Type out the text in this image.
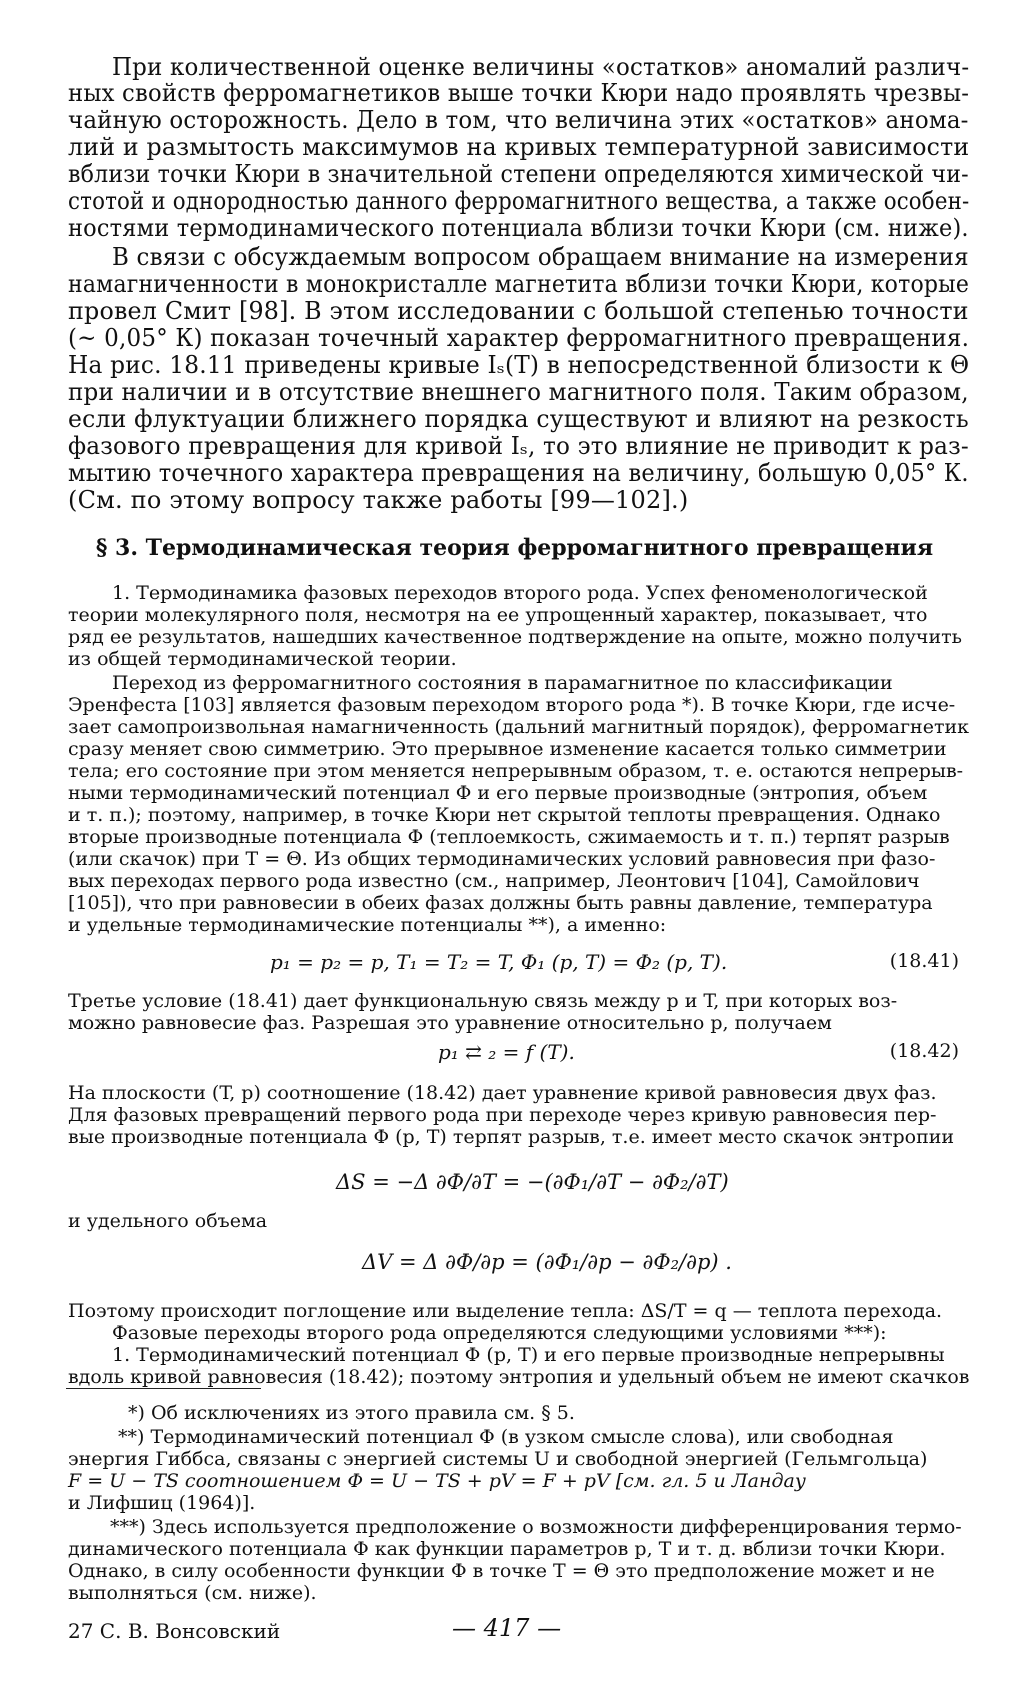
При количественной оценке величины «остатков» аномалий различ-
ных свойств ферромагнетиков выше точки Кюри надо проявлять чрезвы-
чайную осторожность. Дело в том, что величина этих «остатков» анома-
лий и размытость максимумов на кривых температурной зависимости
вблизи точки Кюри в значительной степени определяются химической чи-
стотой и однородностью данного ферромагнитного вещества, а также особен-
ностями термодинамического потенциала вблизи точки Кюри (см. ниже).
В связи с обсуждаемым вопросом обращаем внимание на измерения
намагниченности в монокристалле магнетита вблизи точки Кюри, которые
провел Смит [98]. В этом исследовании с большой степенью точности
(~ 0,05° К) показан точечный характер ферромагнитного превращения.
На рис. 18.11 приведены кривые Iₛ(T) в непосредственной близости к Θ
при наличии и в отсутствие внешнего магнитного поля. Таким образом,
если флуктуации ближнего порядка существуют и влияют на резкость
фазового превращения для кривой Iₛ, то это влияние не приводит к раз-
мытию точечного характера превращения на величину, большую 0,05° К.
(См. по этому вопросу также работы [99—102].)
§ 3. Термодинамическая теория ферромагнитного превращения
1. Термодинамика фазовых переходов второго рода. Успех феноменологической
теории молекулярного поля, несмотря на ее упрощенный характер, показывает, что
ряд ее результатов, нашедших качественное подтверждение на опыте, можно получить
из общей термодинамической теории.
Переход из ферромагнитного состояния в парамагнитное по классификации
Эренфеста [103] является фазовым переходом второго рода *). В точке Кюри, где исче-
зает самопроизвольная намагниченность (дальний магнитный порядок), ферромагнетик
сразу меняет свою симметрию. Это прерывное изменение касается только симметрии
тела; его состояние при этом меняется непрерывным образом, т. е. остаются непрерыв-
ными термодинамический потенциал Φ и его первые производные (энтропия, объем
и т. п.); поэтому, например, в точке Кюри нет скрытой теплоты превращения. Однако
вторые производные потенциала Φ (теплоемкость, сжимаемость и т. п.) терпят разрыв
(или скачок) при T = Θ. Из общих термодинамических условий равновесия при фазо-
вых переходах первого рода известно (см., например, Леонтович [104], Самойлович
[105]), что при равновесии в обеих фазах должны быть равны давление, температура
и удельные термодинамические потенциалы **), а именно:
p₁ = p₂ = p, T₁ = T₂ = T, Φ₁ (p, T) = Φ₂ (p, T).	(18.41)
Третье условие (18.41) дает функциональную связь между p и T, при которых воз-
можно равновесие фаз. Разрешая это уравнение относительно p, получаем
p₁ ⇄ ₂ = f (T).	(18.42)
На плоскости (T, p) соотношение (18.42) дает уравнение кривой равновесия двух фаз.
Для фазовых превращений первого рода при переходе через кривую равновесия пер-
вые производные потенциала Φ (p, T) терпят разрыв, т.е. имеет место скачок энтропии
ΔS = −Δ ∂Φ/∂T = −(∂Φ₁/∂T − ∂Φ₂/∂T)
и удельного объема
ΔV = Δ ∂Φ/∂p = (∂Φ₁/∂p − ∂Φ₂/∂p) .
Поэтому происходит поглощение или выделение тепла: ΔS/T = q — теплота перехода.
Фазовые переходы второго рода определяются следующими условиями ***):
1. Термодинамический потенциал Φ (p, T) и его первые производные непрерывны
вдоль кривой равновесия (18.42); поэтому энтропия и удельный объем не имеют скачков
*) Об исключениях из этого правила см. § 5.
**) Термодинамический потенциал Φ (в узком смысле слова), или свободная
энергия Гиббса, связаны с энергией системы U и свободной энергией (Гельмгольца)
F = U − TS соотношением Φ = U − TS + pV = F + pV [см. гл. 5 и Ландау
и Лифшиц (1964)].
***) Здесь используется предположение о возможности дифференцирования термо-
динамического потенциала Φ как функции параметров p, T и т. д. вблизи точки Кюри.
Однако, в силу особенности функции Φ в точке T = Θ это предположение может и не
выполняться (см. ниже).
27 С. В. Вонсовский	— 417 —
